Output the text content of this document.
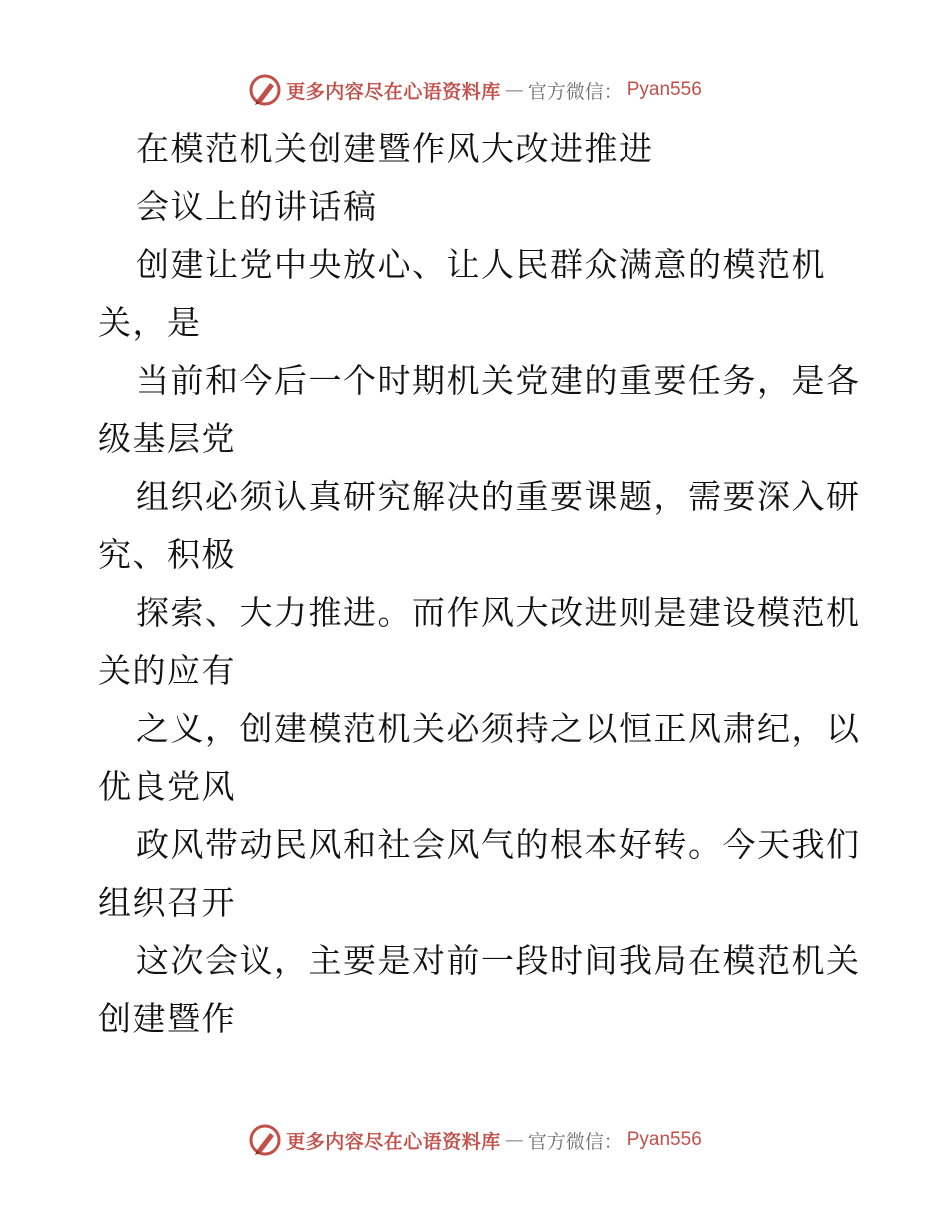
更多内容尽在心语资料库 — 官方微信： Pyan556
在模范机关创建暨作风大改进推进
会议上的讲话稿
创建让党中央放心、让人民群众满意的模范机
关，是
当前和今后一个时期机关党建的重要任务，是各
级基层党
组织必须认真研究解决的重要课题，需要深入研
究、积极
探索、大力推进。而作风大改进则是建设模范机
关的应有
之义，创建模范机关必须持之以恒正风肃纪，以
优良党风
政风带动民风和社会风气的根本好转。今天我们
组织召开
这次会议，主要是对前一段时间我局在模范机关
创建暨作
更多内容尽在心语资料库 — 官方微信： Pyan556
